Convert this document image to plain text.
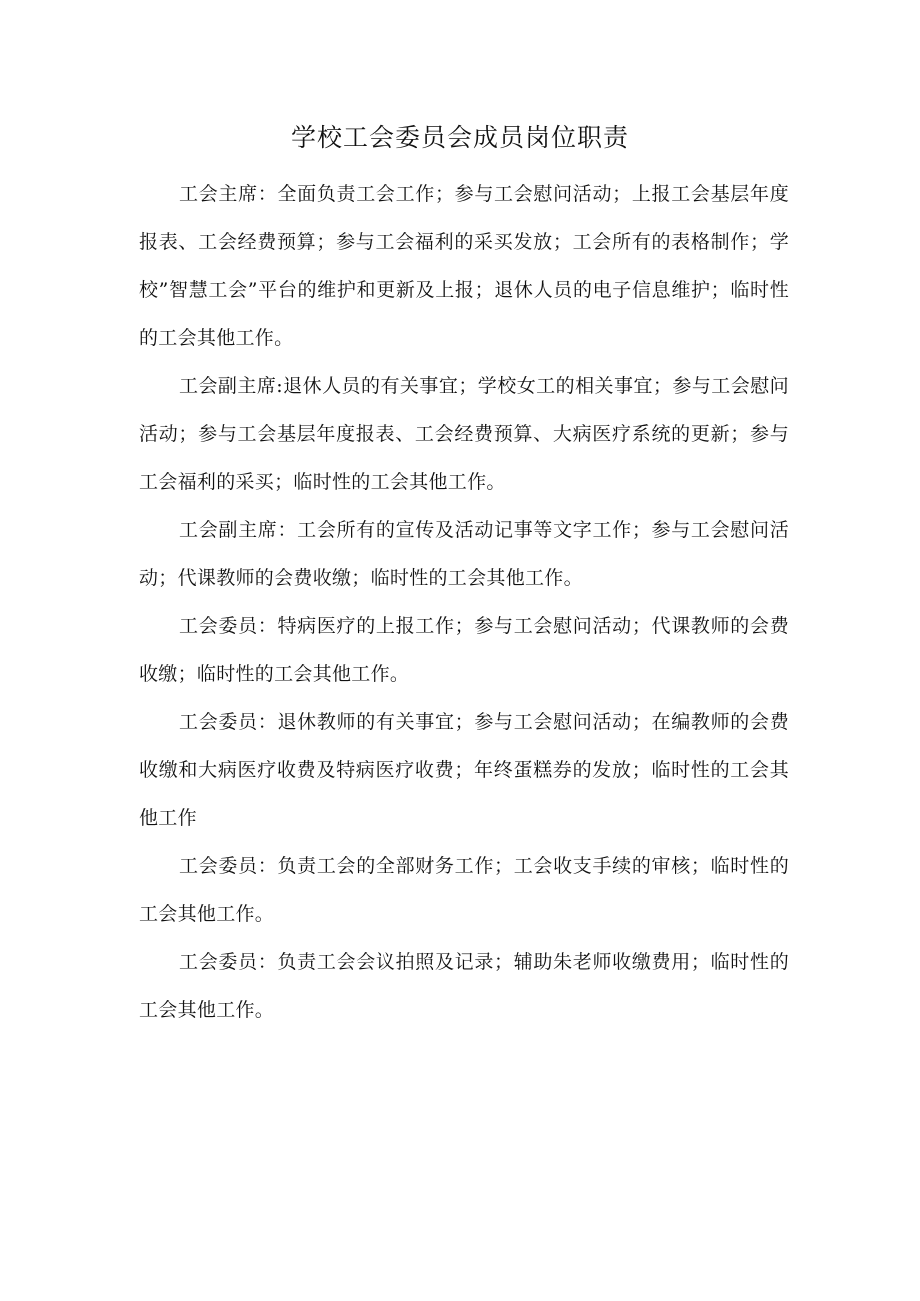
学校工会委员会成员岗位职责

工会主席：全面负责工会工作；参与工会慰问活动；上报工会基层年度报表、工会经费预算；参与工会福利的采买发放；工会所有的表格制作；学校”智慧工会”平台的维护和更新及上报；退休人员的电子信息维护；临时性的工会其他工作。

工会副主席:退休人员的有关事宜；学校女工的相关事宜；参与工会慰问活动；参与工会基层年度报表、工会经费预算、大病医疗系统的更新；参与工会福利的采买；临时性的工会其他工作。

工会副主席：工会所有的宣传及活动记事等文字工作；参与工会慰问活动；代课教师的会费收缴；临时性的工会其他工作。

工会委员：特病医疗的上报工作；参与工会慰问活动；代课教师的会费收缴；临时性的工会其他工作。

工会委员：退休教师的有关事宜；参与工会慰问活动；在编教师的会费收缴和大病医疗收费及特病医疗收费；年终蛋糕券的发放；临时性的工会其他工作

工会委员：负责工会的全部财务工作；工会收支手续的审核；临时性的工会其他工作。

工会委员：负责工会会议拍照及记录；辅助朱老师收缴费用；临时性的工会其他工作。
